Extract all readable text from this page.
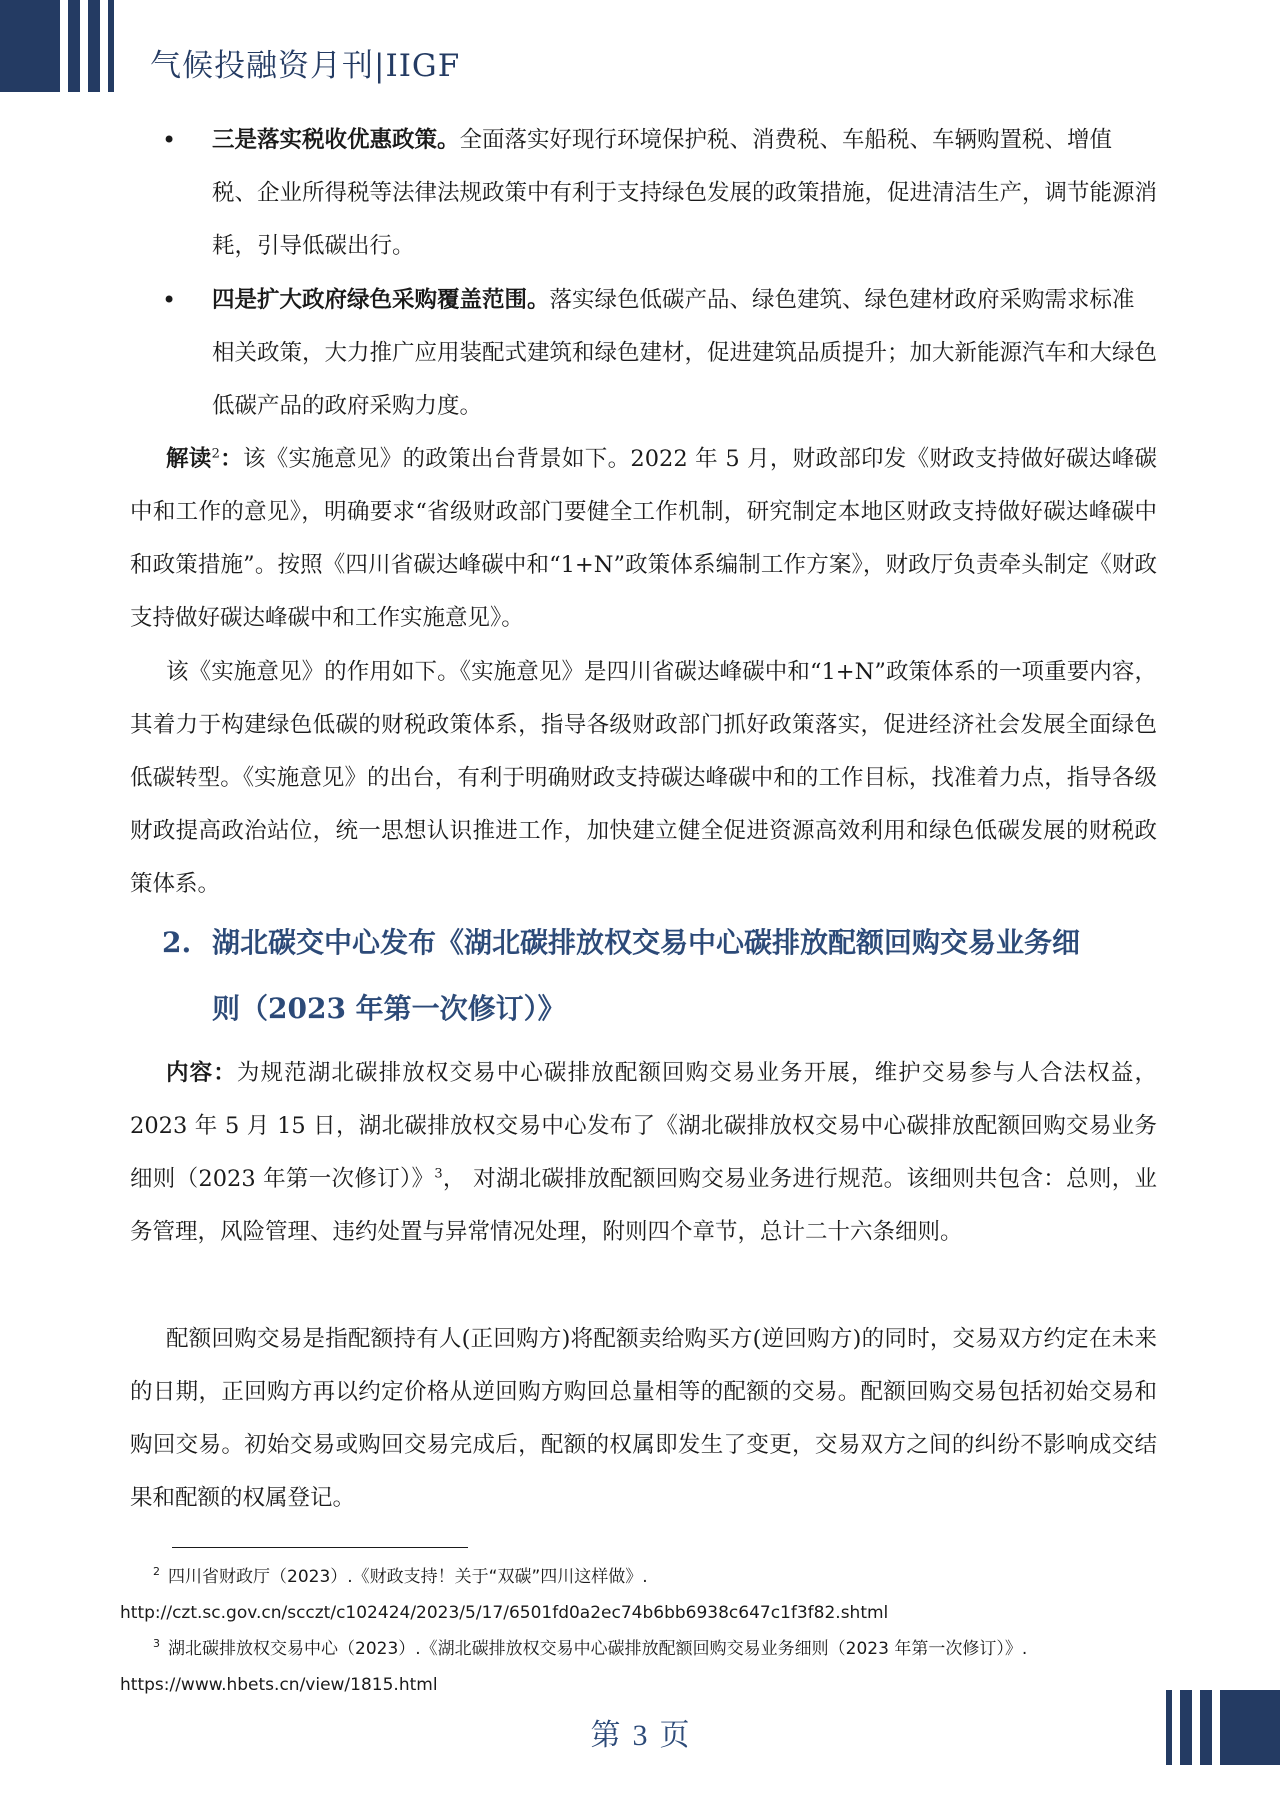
气候投融资月刊|IIGF
•	三是落实税收优惠政策。全面落实好现行环境保护税、消费税、车船税、车辆购置税、增值税、企业所得税等法律法规政策中有利于支持绿色发展的政策措施，促进清洁生产，调节能源消耗，引导低碳出行。
•	四是扩大政府绿色采购覆盖范围。落实绿色低碳产品、绿色建筑、绿色建材政府采购需求标准相关政策，大力推广应用装配式建筑和绿色建材，促进建筑品质提升；加大新能源汽车和大绿色低碳产品的政府采购力度。

解读$^2$：该《实施意见》的政策出台背景如下。2022 年 5 月，财政部印发《财政支持做好碳达峰碳中和工作的意见》，明确要求“省级财政部门要健全工作机制，研究制定本地区财政支持做好碳达峰碳中和政策措施”。按照《四川省碳达峰碳中和“1+N”政策体系编制工作方案》，财政厅负责牵头制定《财政支持做好碳达峰碳中和工作实施意见》。

该《实施意见》的作用如下。《实施意见》是四川省碳达峰碳中和“1+N”政策体系的一项重要内容，其着力于构建绿色低碳的财税政策体系，指导各级财政部门抓好政策落实，促进经济社会发展全面绿色低碳转型。《实施意见》的出台，有利于明确财政支持碳达峰碳中和的工作目标，找准着力点，指导各级财政提高政治站位，统一思想认识推进工作，加快建立健全促进资源高效利用和绿色低碳发展的财税政策体系。

2. 湖北碳交中心发布《湖北碳排放权交易中心碳排放配额回购交易业务细
则（2023 年第一次修订）》

内容：为规范湖北碳排放权交易中心碳排放配额回购交易业务开展，维护交易参与人合法权益，2023 年 5 月 15 日，湖北碳排放权交易中心发布了《湖北碳排放权交易中心碳排放配额回购交易业务细则（2023 年第一次修订）》$^3$， 对湖北碳排放配额回购交易业务进行规范。该细则共包含：总则，业务管理，风险管理、违约处置与异常情况处理，附则四个章节，总计二十六条细则。

配额回购交易是指配额持有人(正回购方)将配额卖给购买方(逆回购方)的同时，交易双方约定在未来的日期，正回购方再以约定价格从逆回购方购回总量相等的配额的交易。配额回购交易包括初始交易和购回交易。初始交易或购回交易完成后，配额的权属即发生了变更，交易双方之间的纠纷不影响成交结果和配额的权属登记。

$^2$ 四川省财政厅（2023）.《财政支持！关于“双碳”四川这样做》.
http://czt.sc.gov.cn/scczt/c102424/2023/5/17/6501fd0a2ec74b6bb6938c647c1f3f82.shtml
$^3$ 湖北碳排放权交易中心（2023）.《湖北碳排放权交易中心碳排放配额回购交易业务细则（2023 年第一次修订）》.
https://www.hbets.cn/view/1815.html
第 3 页
